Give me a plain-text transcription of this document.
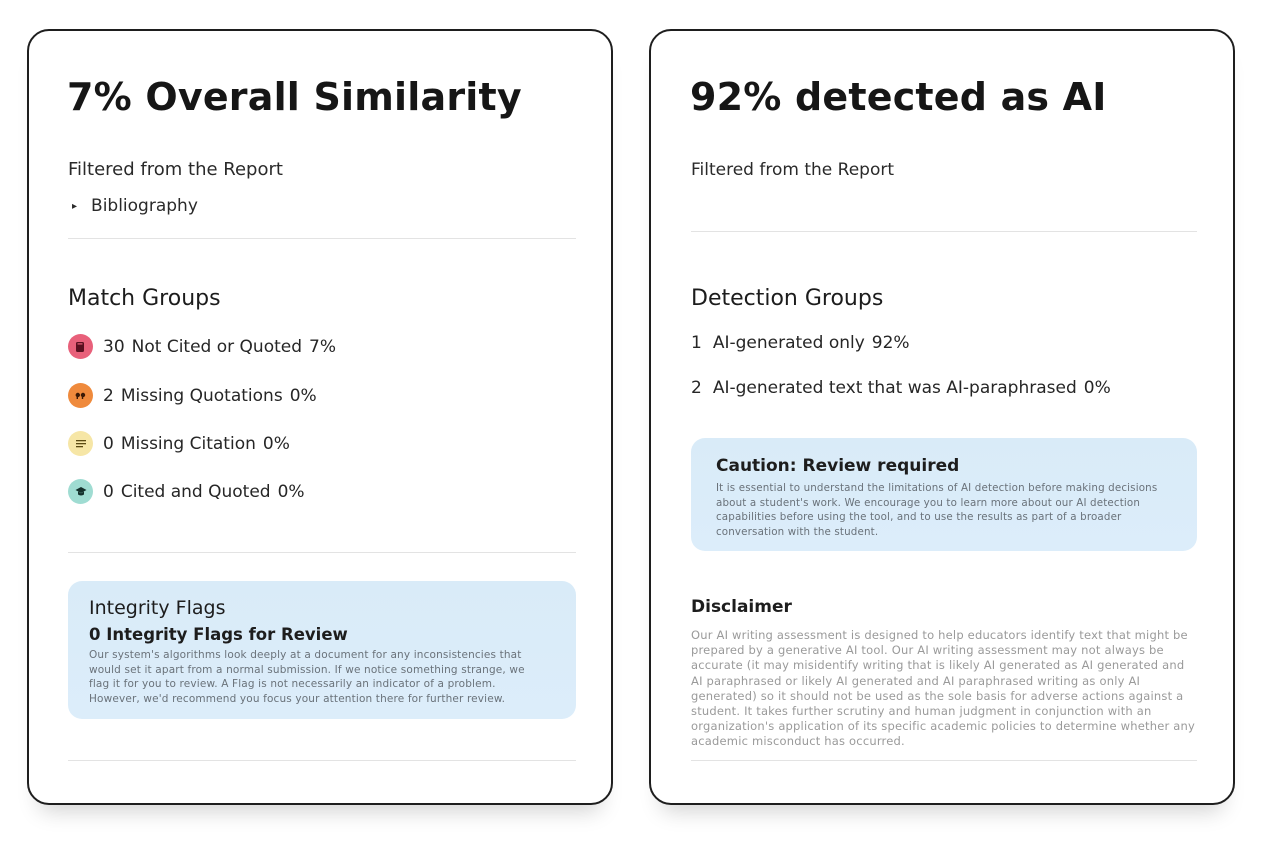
7% Overall Similarity
Filtered from the Report
▸ Bibliography
Match Groups
30 Not Cited or Quoted 7%
2 Missing Quotations 0%
0 Missing Citation 0%
0 Cited and Quoted 0%
Integrity Flags
0 Integrity Flags for Review
Our system's algorithms look deeply at a document for any inconsistencies that would set it apart from a normal submission. If we notice something strange, we flag it for you to review. A Flag is not necessarily an indicator of a problem. However, we'd recommend you focus your attention there for further review.
92% detected as AI
Filtered from the Report
Detection Groups
1 AI-generated only 92%
2 AI-generated text that was AI-paraphrased 0%
Caution: Review required
It is essential to understand the limitations of AI detection before making decisions about a student's work. We encourage you to learn more about our AI detection capabilities before using the tool, and to use the results as part of a broader conversation with the student.
Disclaimer
Our AI writing assessment is designed to help educators identify text that might be prepared by a generative AI tool. Our AI writing assessment may not always be accurate (it may misidentify writing that is likely AI generated as AI generated and AI paraphrased or likely AI generated and AI paraphrased writing as only AI generated) so it should not be used as the sole basis for adverse actions against a student. It takes further scrutiny and human judgment in conjunction with an organization's application of its specific academic policies to determine whether any academic misconduct has occurred.
